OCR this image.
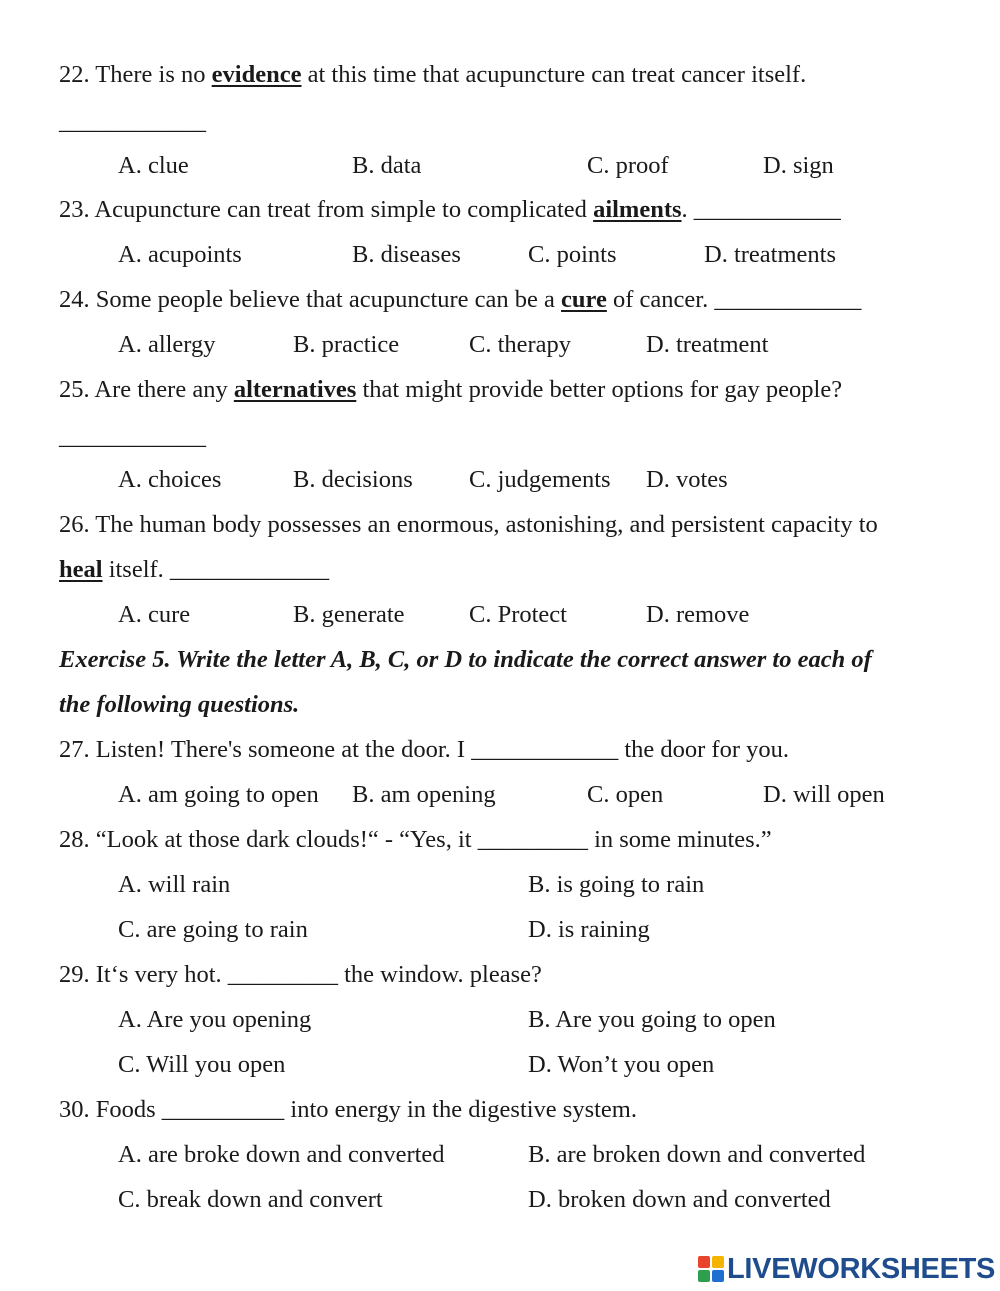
22. There is no evidence at this time that acupuncture can treat cancer itself.
____________
A. clue	B. data	C. proof	D. sign
23. Acupuncture can treat from simple to complicated ailments. ____________
A. acupoints	B. diseases	C. points	D. treatments
24. Some people believe that acupuncture can be a cure of cancer. ____________
A. allergy	B. practice	C. therapy	D. treatment
25. Are there any alternatives that might provide better options for gay people?
____________
A. choices	B. decisions C. judgements D. votes
26. The human body possesses an enormous, astonishing, and persistent capacity to
heal itself. _____________
A. cure	B. generate	C. Protect	D. remove
Exercise 5. Write the letter A, B, C, or D to indicate the correct answer to each of
the following questions.
27. Listen! There's someone at the door. I ____________ the door for you.
A. am going to open B. am opening	C. open	D. will open
28. “Look at those dark clouds!“ - “Yes, it _________ in some minutes.”
A. will rain	B. is going to rain
C. are going to rain	D. is raining
29. It‘s very hot. _________ the window. please?
A. Are you opening	B. Are you going to open
C. Will you open	D. Won’t you open
30. Foods __________ into energy in the digestive system.
A. are broke down and converted	B. are broken down and converted
C. break down and convert	D. broken down and converted
LIVEWORKSHEETS
